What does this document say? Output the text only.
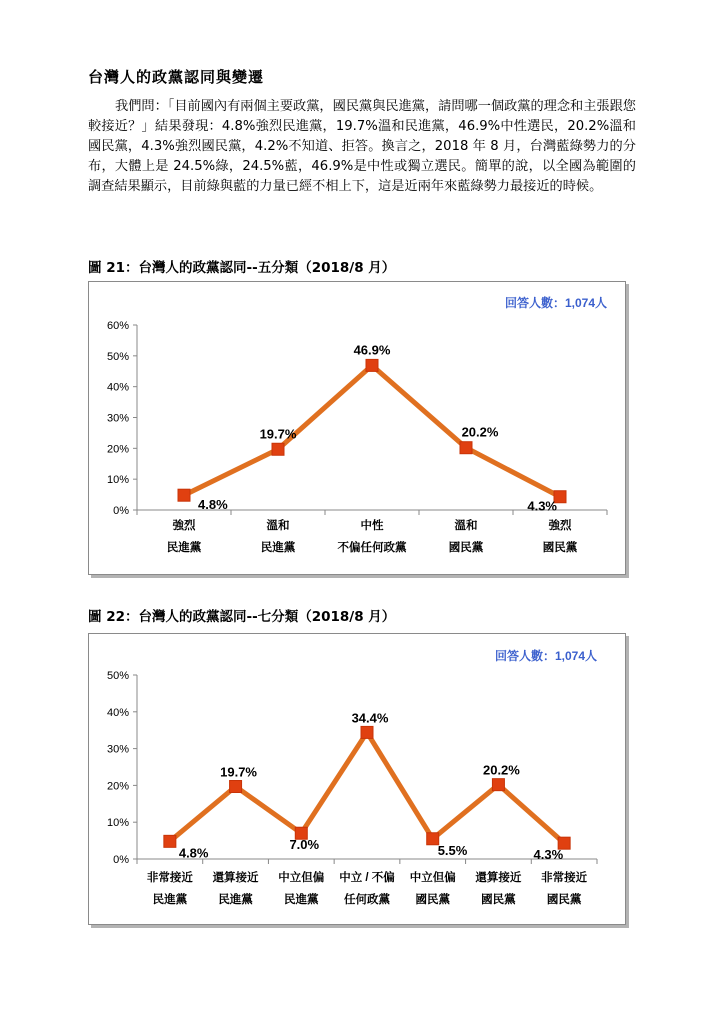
台灣人的政黨認同與變遷

我們問：「目前國內有兩個主要政黨，國民黨與民進黨，請問哪一個政黨的理念和主張跟您較接近？」結果發現：4.8%強烈民進黨，19.7%溫和民進黨，46.9%中性選民，20.2%溫和國民黨，4.3%強烈國民黨，4.2%不知道、拒答。換言之，2018 年 8 月，台灣藍綠勢力的分布，大體上是 24.5%綠，24.5%藍，46.9%是中性或獨立選民。簡單的說，以全國為範圍的調查結果顯示，目前綠與藍的力量已經不相上下，這是近兩年來藍綠勢力最接近的時候。

圖 21：台灣人的政黨認同--五分類（2018/8 月）
回答人數：1,074人
0%
10%
20%
30%
40%
50%
60%
強烈
民進黨
溫和
民進黨
中性
不偏任何政黨
溫和
國民黨
強烈
國民黨
4.8%
19.7%
46.9%
20.2%
4.3%
圖 22：台灣人的政黨認同--七分類（2018/8 月）
回答人數：1,074人
0%
10%
20%
30%
40%
50%
非常接近
民進黨
還算接近
民進黨
中立但偏
民進黨
中立 / 不偏
任何政黨
中立但偏
國民黨
還算接近
國民黨
非常接近
國民黨
4.8%
19.7%
7.0%
34.4%
5.5%
20.2%
4.3%
